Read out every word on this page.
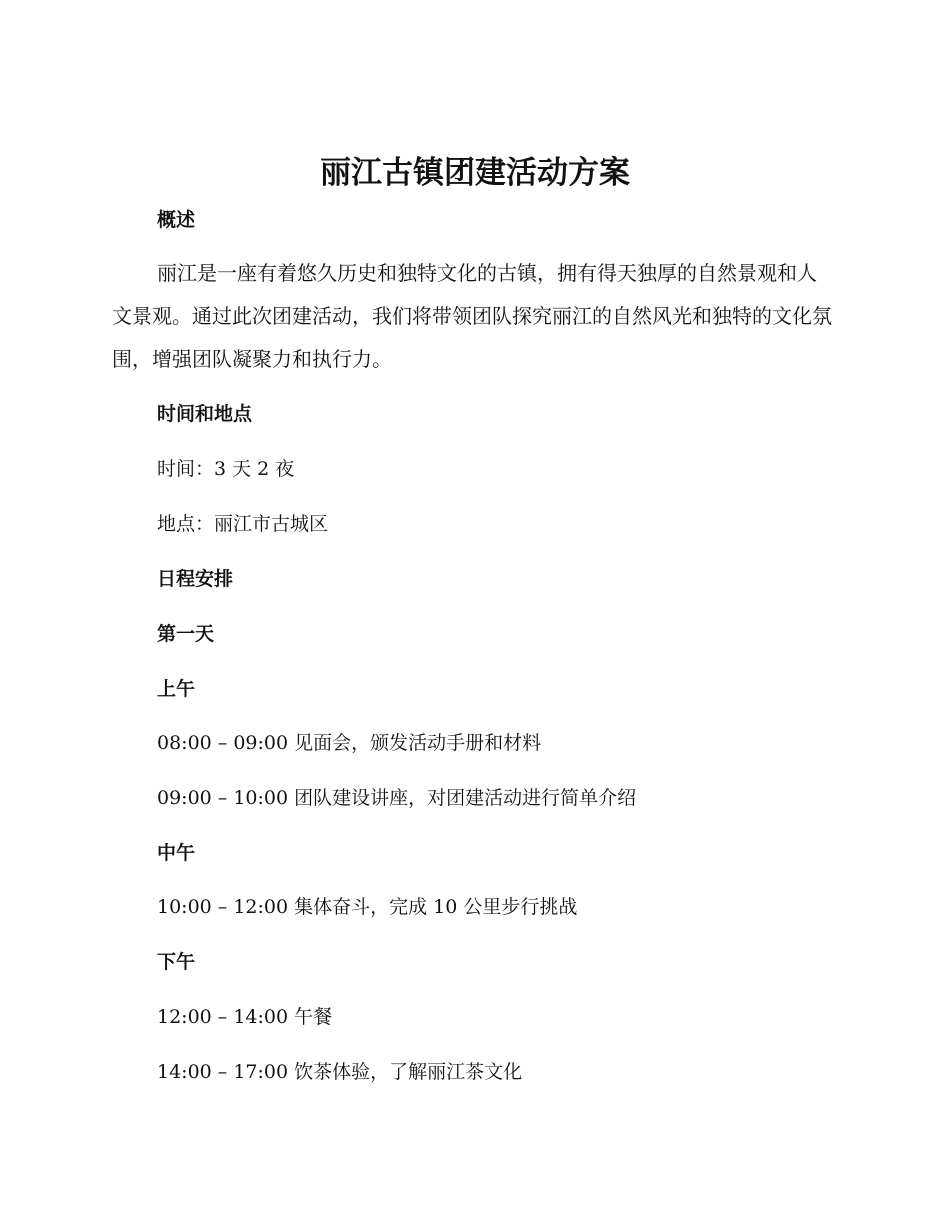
丽江古镇团建活动方案
概述

丽江是一座有着悠久历史和独特文化的古镇，拥有得天独厚的自然景观和人文景观。通过此次团建活动，我们将带领团队探究丽江的自然风光和独特的文化氛围，增强团队凝聚力和执行力。

时间和地点
时间：3 天 2 夜
地点：丽江市古城区
日程安排
第一天
上午
08:00 – 09:00 见面会，颁发活动手册和材料
09:00 – 10:00 团队建设讲座，对团建活动进行简单介绍
中午
10:00 – 12:00 集体奋斗，完成 10 公里步行挑战
下午
12:00 – 14:00 午餐
14:00 – 17:00 饮茶体验，了解丽江茶文化
